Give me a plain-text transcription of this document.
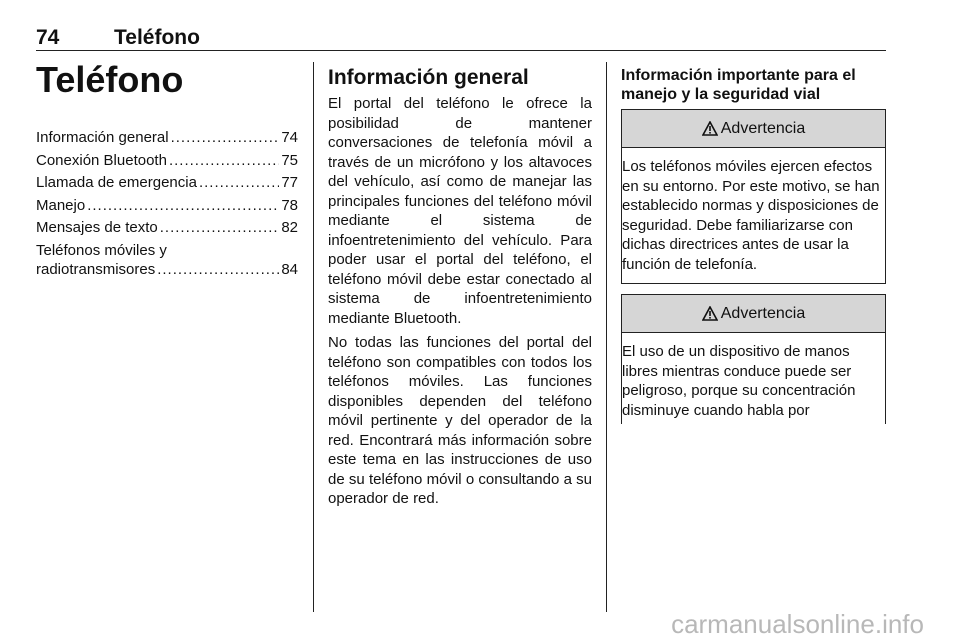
74	Teléfono
Teléfono
Información general .....	74
Conexión Bluetooth .....	75
Llamada de emergencia .....	77
Manejo .....	78
Mensajes de texto .....	82
Teléfonos móviles y
radiotransmisores .....	84
Información general

El portal del teléfono le ofrece la posibilidad de mantener conversaciones de telefonía móvil a través de un micrófono y los altavoces del vehículo, así como de manejar las principales funciones del teléfono móvil mediante el sistema de infoentretenimiento del vehículo. Para poder usar el portal del teléfono, el teléfono móvil debe estar conectado al sistema de infoentretenimiento mediante Bluetooth.

No todas las funciones del portal del teléfono son compatibles con todos los teléfonos móviles. Las funciones disponibles dependen del teléfono móvil pertinente y del operador de la red. Encontrará más información sobre este tema en las instrucciones de uso de su teléfono móvil o consultando a su operador de red.

Información importante para el manejo y la seguridad vial
Advertencia

Los teléfonos móviles ejercen efectos en su entorno. Por este motivo, se han establecido normas y disposiciones de seguridad. Debe familiarizarse con dichas directrices antes de usar la función de telefonía.

Advertencia

El uso de un dispositivo de manos libres mientras conduce puede ser peligroso, porque su concentración disminuye cuando habla por

carmanualsonline.info
